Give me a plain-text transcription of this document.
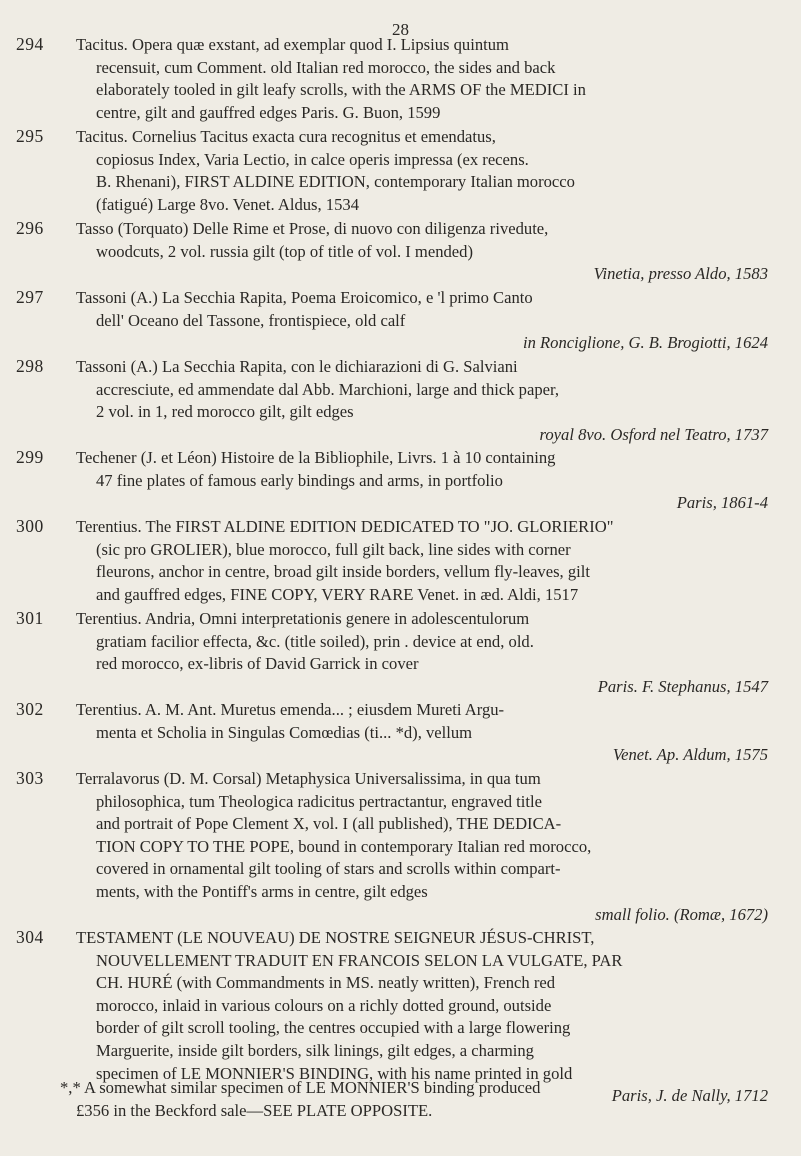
28
294	Tacitus. Opera quæ exstant, ad exemplar quod I. Lipsius quintum
recensuit, cum Comment. old Italian red morocco, the sides and back
elaborately tooled in gilt leafy scrolls, with the ARMS OF the MEDICI in
centre, gilt and gauffred edges Paris. G. Buon, 1599
295	Tacitus. Cornelius Tacitus exacta cura recognitus et emendatus,
copiosus Index, Varia Lectio, in calce operis impressa (ex recens.
B. Rhenani), FIRST ALDINE EDITION, contemporary Italian morocco
(fatigué) Large 8vo. Venet. Aldus, 1534
296	Tasso (Torquato) Delle Rime et Prose, di nuovo con diligenza rivedute,
woodcuts, 2 vol. russia gilt (top of title of vol. I mended)
Vinetia, presso Aldo, 1583
297	Tassoni (A.) La Secchia Rapita, Poema Eroicomico, e 'l primo Canto
dell' Oceano del Tassone, frontispiece, old calf
in Ronciglione, G. B. Brogiotti, 1624
298	Tassoni (A.) La Secchia Rapita, con le dichiarazioni di G. Salviani
accresciute, ed ammendate dal Abb. Marchioni, large and thick paper,
2 vol. in 1, red morocco gilt, gilt edges
royal 8vo. Osford nel Teatro, 1737
299	Techener (J. et Léon) Histoire de la Bibliophile, Livrs. 1 à 10 containing
47 fine plates of famous early bindings and arms, in portfolio
Paris, 1861-4
300	Terentius. The FIRST ALDINE EDITION DEDICATED TO "JO. GLORIERIO"
(sic pro GROLIER), blue morocco, full gilt back, line sides with corner
fleurons, anchor in centre, broad gilt inside borders, vellum fly-leaves, gilt
and gauffred edges, FINE COPY, VERY RARE Venet. in æd. Aldi, 1517
301	Terentius. Andria, Omni interpretationis genere in adolescentulorum
gratiam facilior effecta, &c. (title soiled), prin . device at end, old.
red morocco, ex-libris of David Garrick in cover
Paris. F. Stephanus, 1547
302	Terentius. A. M. Ant. Muretus emenda... ; eiusdem Mureti Argu-
menta et Scholia in Singulas Comœdias (ti... *d), vellum
Venet. Ap. Aldum, 1575
303	Terralavorus (D. M. Corsal) Metaphysica Universalissima, in qua tum
philosophica, tum Theologica radicitus pertractantur, engraved title
and portrait of Pope Clement X, vol. I (all published), THE DEDICA-
TION COPY TO THE POPE, bound in contemporary Italian red morocco,
covered in ornamental gilt tooling of stars and scrolls within compart-
ments, with the Pontiff's arms in centre, gilt edges
small folio. (Romæ, 1672)
304	TESTAMENT (LE NOUVEAU) DE NOSTRE SEIGNEUR JÉSUS-CHRIST,
NOUVELLEMENT TRADUIT EN FRANCOIS SELON LA VULGATE, PAR
CH. HURÉ (with Commandments in MS. neatly written), French red
morocco, inlaid in various colours on a richly dotted ground, outside
border of gilt scroll tooling, the centres occupied with a large flowering
Marguerite, inside gilt borders, silk linings, gilt edges, a charming
specimen of LE MONNIER'S BINDING, with his name printed in gold
Paris, J. de Nally, 1712
*,* A somewhat similar specimen of LE MONNIER'S binding produced
£356 in the Beckford sale—SEE PLATE OPPOSITE.
